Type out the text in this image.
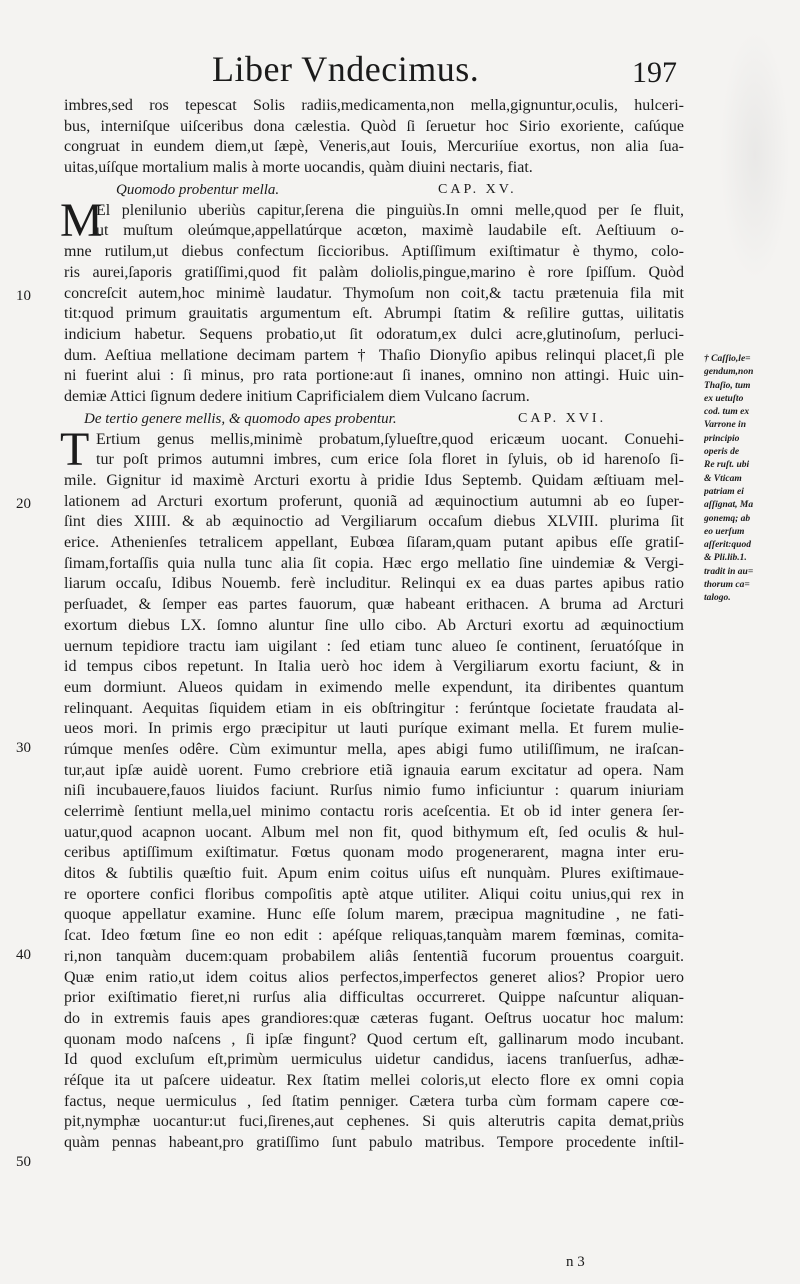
Liber Vndecimus.	197
10
20
30
40
50
imbres,sed ros tepescat Solis radiis,medicamenta,non mella,gignuntur,oculis, hulceri-
bus, interniſque uiſceribus dona cælestia. Quòd ſi ſeruetur hoc Sirio exoriente, caſúque
congruat in eundem diem,ut ſæpè, Veneris,aut Iouis, Mercuriíue exortus, non alia ſua-
uitas,uíſque mortalium malis à morte uocandis, quàm diuini nectaris, fiat.
Quomodo probentur mella.	CAP. XV.
M
El plenilunio uberiùs capitur,ſerena die pinguiùs.In omni melle,quod per ſe fluit,
ut muſtum oleúmque,appellatúrque acœton, maximè laudabile eſt. Aeſtiuum o-
mne rutilum,ut diebus confectum ſicciorіbus. Aptiſſimum exiſtimatur è thymo, colo-
ris aurei,ſaporis gratiſſimi,quod fit palàm doliolis,pingue,marino è rore ſpiſſum. Quòd
concreſcit autem,hoc minimè laudatur. Thymoſum non coit,& tactu prætenuia fila mit
tit:quod primum grauitatis argumentum eſt. Abrumpi ſtatim & reſilire guttas, uilitatis
indicium habetur. Sequens probatio,ut ſit odoratum,ex dulci acre,glutinoſum, perluci-
dum. Aeſtiua mellatione decimam partem † Thaſio Dionyſio apibus relinqui placet,ſi ple
ni fuerint alui : ſi minus, pro rata portione:aut ſi inanes, omnino non attingi. Huic uin-
demiæ Attici ſignum dedere initium Caprificialem diem Vulcano ſacrum.
De tertio genere mellis, & quomodo apes probentur.	CAP. XVI.
T Ertium genus mellis,minimè probatum,ſylueſtre,quod ericæum uocant. Conuehi-
tur poſt primos autumni imbres, cum erice ſola floret in ſyluis, ob id harenoſo ſi-
mile. Gignitur id maximè Arcturi exortu à pridie Idus Septemb. Quidam æſtiuam mel-
lationem ad Arcturi exortum proferunt, quoniã ad æquinoctium autumni ab eo ſuper-
ſint dies XIIII. & ab æquinoctio ad Vergiliarum occaſum diebus XLVIII. plurima ſit
erice. Athenienſes tetralicem appellant, Eubœa ſiſaram,quam putant apibus eſſe gratiſ-
ſimam,fortaſſis quia nulla tunc alia ſit copia. Hæc ergo mellatio ſine uindemiæ & Vergi-
liarum occaſu, Idibus Nouemb. ferè includitur. Relinqui ex ea duas partes apibus ratio
perſuadet, & ſemper eas partes fauorum, quæ habeant erithacen. A bruma ad Arcturi
exortum diebus LX. ſomno aluntur ſine ullo cibo. Ab Arcturi exortu ad æquinoctium
uernum tepidiore tractu iam uigilant : ſed etiam tunc alueo ſe continent, ſeruatóſque in
id tempus cibos repetunt. In Italia uerò hoc idem à Vergiliarum exortu faciunt, & in
eum dormiunt. Alueos quidam in eximendo melle expendunt, ita diribentes quantum
relinquant. Aequitas ſiquidem etiam in eis obſtringitur : ferúntque ſocietate fraudata al-
ueos mori. In primis ergo præcipitur ut lauti puríque eximant mella. Et furem mulie-
rúmque menſes odêre. Cùm eximuntur mella, apes abigi fumo utiliſſimum, ne iraſcan-
tur,aut ipſæ auidè uorent. Fumo crebriore etiã ignauia earum excitatur ad opera. Nam
niſi incubauere,fauos liuidos faciunt. Rurſus nimio fumo inficiuntur : quarum iniuriam
celerrimè ſentiunt mella,uel minimo contactu roris aceſcentia. Et ob id inter genera ſer-
uatur,quod acapnon uocant. Album mel non fit, quod bithymum eſt, ſed oculis & hul-
ceribus aptiſſimum exiſtimatur. Fœtus quonam modo progenerarent, magna inter eru-
ditos & ſubtilis quæſtio fuit. Apum enim coitus uiſus eſt nunquàm. Plures exiſtimaue-
re oportere confici floribus compoſitis aptè atque utiliter. Aliqui coitu unius,qui rex in
quoque appellatur examine. Hunc eſſe ſolum marem, præcipua magnitudine , ne fati-
ſcat. Ideo fœtum ſine eo non edit : apéſque reliquas,tanquàm marem fœminas, comita-
ri,non tanquàm ducem:quam probabilem aliâs ſententiã fucorum prouentus coarguit.
Quæ enim ratio,ut idem coitus alios perfectos,imperfectos generet alios? Propior uero
prior exiſtimatio fieret,ni rurſus alia difficultas occurreret. Quippe naſcuntur aliquan-
do in extremis fauis apes grandiores:quæ cæteras fugant. Oeſtrus uocatur hoc malum:
quonam modo naſcens , ſi ipſæ fingunt? Quod certum eſt, gallinarum modo incubant.
Id quod excluſum eſt,primùm uermiculus uidetur candidus, iacens tranſuerſus, adhæ-
réſque ita ut paſcere uideatur. Rex ſtatim mellei coloris,ut electo flore ex omni copia
factus, neque uermiculus , ſed ſtatim penniger. Cætera turba cùm formam capere cœ-
pit,nymphæ uocantur:ut fuci,ſirenes,aut cephenes. Si quis alterutris capita demat,priùs
quàm pennas habeant,pro gratiſſimo ſunt pabulo matribus. Tempore procedente inſtil-
† Caſſio,le=
gendum,non
Thaſio, tum
ex uetuſto
cod. tum ex
Varrone in
principio
operis de
Re ruſt. ubi
& Vticam
patriam ei
aſſignat, Ma
gonemq; ab
eo uerſum
aſſerit:quod
& Pli.lib.1.
tradit in au=
thorum ca=
talogo.
n 3
